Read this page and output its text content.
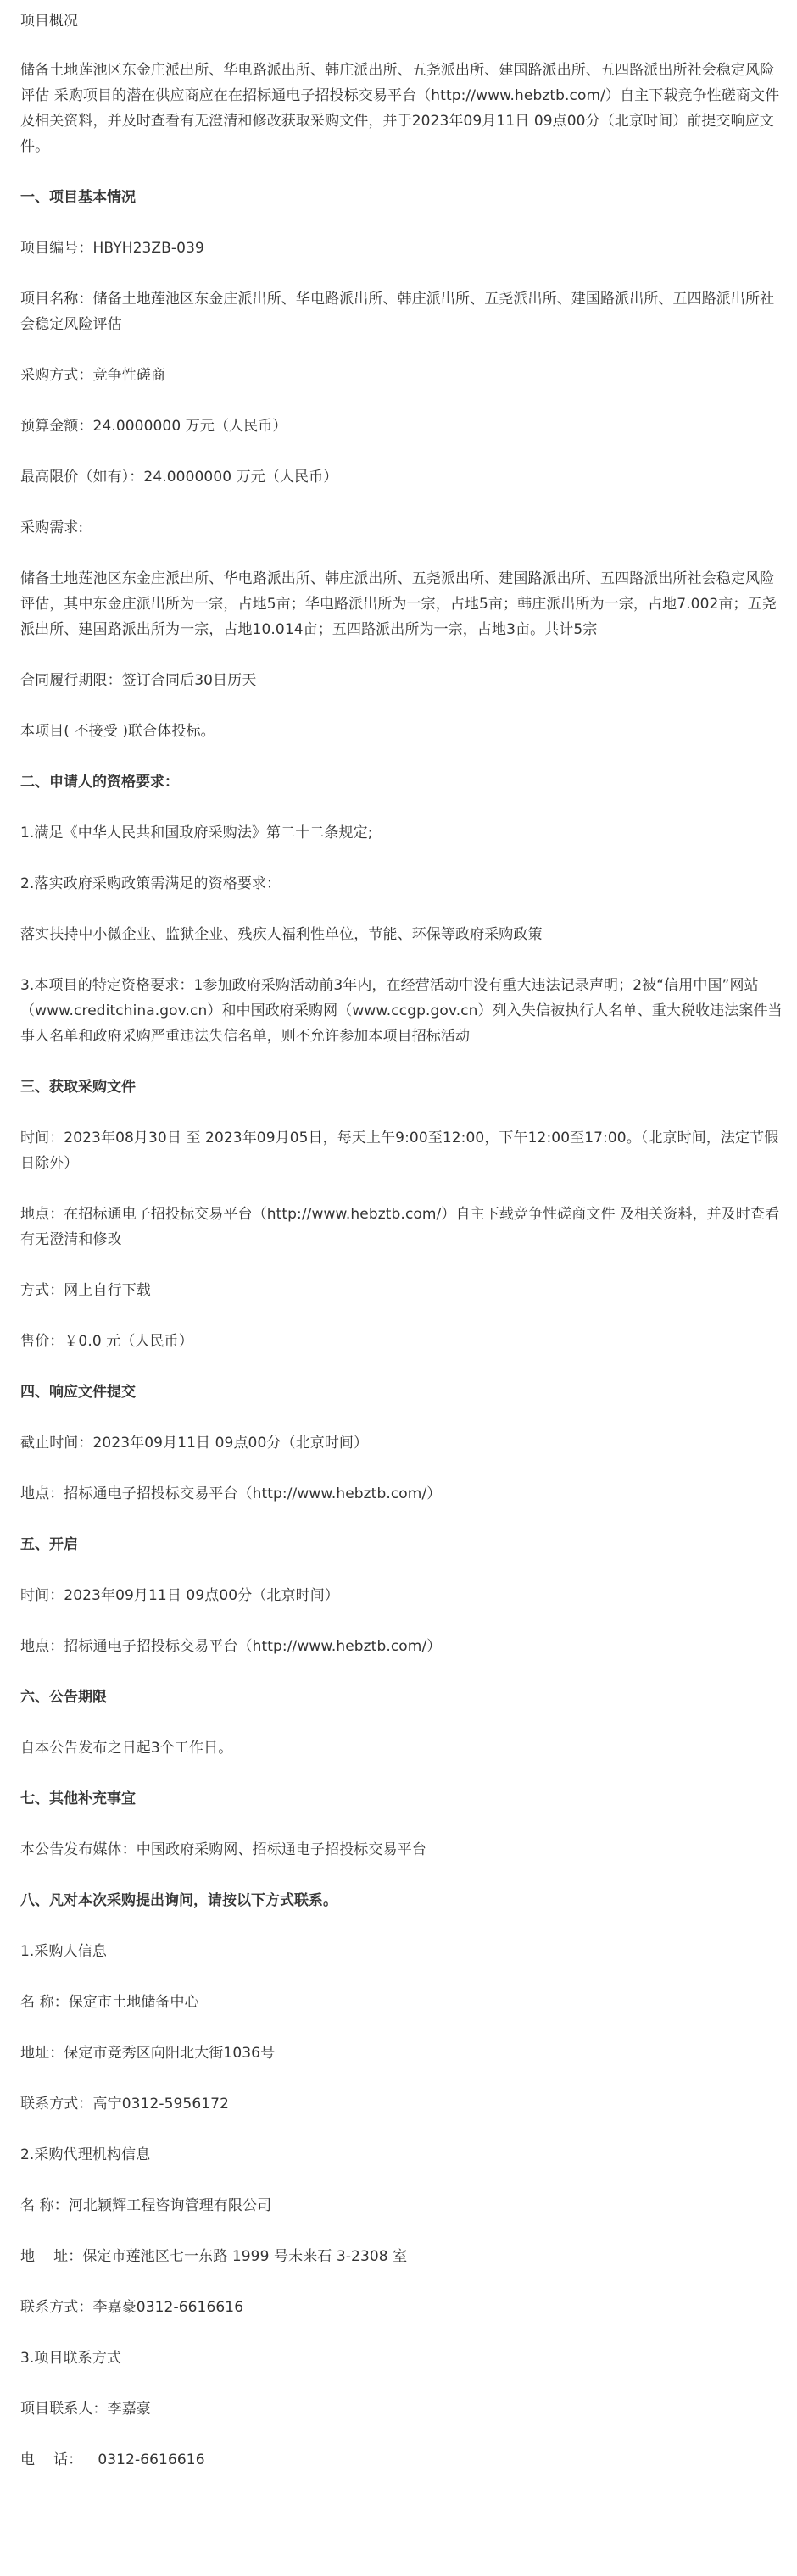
项目概况
储备土地莲池区东金庄派出所、华电路派出所、韩庄派出所、五尧派出所、建国路派出所、五四路派出所社会稳定风险评估 采购项目的潜在供应商应在在招标通电子招投标交易平台（http://www.hebztb.com/）自主下载竞争性磋商文件 及相关资料，并及时查看有无澄清和修改获取采购文件，并于2023年09月11日 09点00分（北京时间）前提交响应文件。
一、项目基本情况
项目编号：HBYH23ZB-039
项目名称：储备土地莲池区东金庄派出所、华电路派出所、韩庄派出所、五尧派出所、建国路派出所、五四路派出所社会稳定风险评估
采购方式：竞争性磋商
预算金额：24.0000000 万元（人民币）
最高限价（如有）：24.0000000 万元（人民币）
采购需求:
储备土地莲池区东金庄派出所、华电路派出所、韩庄派出所、五尧派出所、建国路派出所、五四路派出所社会稳定风险评估，其中东金庄派出所为一宗，占地5亩；华电路派出所为一宗，占地5亩；韩庄派出所为一宗，占地7.002亩；五尧派出所、建国路派出所为一宗，占地10.014亩；五四路派出所为一宗，占地3亩。共计5宗
合同履行期限：签订合同后30日历天
本项目( 不接受 )联合体投标。
二、申请人的资格要求：
1.满足《中华人民共和国政府采购法》第二十二条规定;
2.落实政府采购政策需满足的资格要求：
落实扶持中小微企业、监狱企业、残疾人福利性单位，节能、环保等政府采购政策
3.本项目的特定资格要求：1参加政府采购活动前3年内，在经营活动中没有重大违法记录声明；2被“信用中国”网站（www.creditchina.gov.cn）和中国政府采购网（www.ccgp.gov.cn）列入失信被执行人名单、重大税收违法案件当事人名单和政府采购严重违法失信名单，则不允许参加本项目招标活动
三、获取采购文件
时间：2023年08月30日 至 2023年09月05日，每天上午9:00至12:00，下午12:00至17:00。（北京时间，法定节假日除外）
地点：在招标通电子招投标交易平台（http://www.hebztb.com/）自主下载竞争性磋商文件 及相关资料，并及时查看有无澄清和修改
方式：网上自行下载
售价：￥0.0 元（人民币）
四、响应文件提交
截止时间：2023年09月11日 09点00分（北京时间）
地点：招标通电子招投标交易平台（http://www.hebztb.com/）
五、开启
时间：2023年09月11日 09点00分（北京时间）
地点：招标通电子招投标交易平台（http://www.hebztb.com/）
六、公告期限
自本公告发布之日起3个工作日。
七、其他补充事宜
本公告发布媒体：中国政府采购网、招标通电子招投标交易平台
八、凡对本次采购提出询问，请按以下方式联系。
1.采购人信息
名 称：保定市土地储备中心
地址：保定市竞秀区向阳北大街1036号
联系方式：高宁0312-5956172
2.采购代理机构信息
名 称：河北颖辉工程咨询管理有限公司
地    址：保定市莲池区七一东路 1999 号未来石 3-2308 室
联系方式：李嘉豪0312-6616616
3.项目联系方式
项目联系人：李嘉豪
电    话： 0312-6616616
